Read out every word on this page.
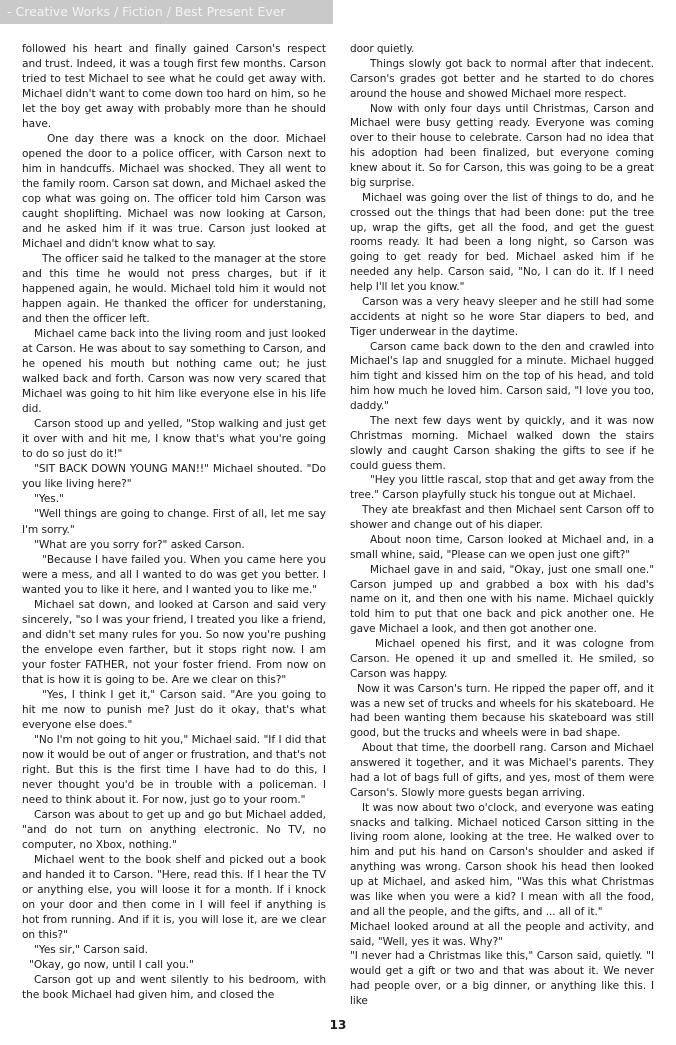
- Creative Works / Fiction / Best Present Ever

followed his heart and finally gained Carson's respect and trust. Indeed, it was a tough first few months. Carson tried to test Michael to see what he could get away with. Michael didn't want to come down too hard on him, so he let the boy get away with probably more than he should have.

One day there was a knock on the door. Michael opened the door to a police officer, with Carson next to him in handcuffs. Michael was shocked. They all went to the family room. Carson sat down, and Michael asked the cop what was going on. The officer told him Carson was caught shoplifting. Michael was now looking at Carson, and he asked him if it was true. Carson just looked at Michael and didn't know what to say.

The officer said he talked to the manager at the store and this time he would not press charges, but if it happened again, he would. Michael told him it would not happen again. He thanked the officer for understaning, and then the officer left.

Michael came back into the living room and just looked at Carson. He was about to say something to Carson, and he opened his mouth but nothing came out; he just walked back and forth. Carson was now very scared that Michael was going to hit him like everyone else in his life did.

Carson stood up and yelled, "Stop walking and just get it over with and hit me, I know that's what you're going to do so just do it!"

"SIT BACK DOWN YOUNG MAN!!" Michael shouted. "Do you like living here?"

"Yes."

"Well things are going to change. First of all, let me say I'm sorry."

"What are you sorry for?" asked Carson.

"Because I have failed you. When you came here you were a mess, and all I wanted to do was get you better. I wanted you to like it here, and I wanted you to like me."

Michael sat down, and looked at Carson and said very sincerely, "so I was your friend, I treated you like a friend, and didn't set many rules for you. So now you're pushing the envelope even farther, but it stops right now. I am your foster FATHER, not your foster friend. From now on that is how it is going to be. Are we clear on this?"

"Yes, I think I get it," Carson said. "Are you going to hit me now to punish me? Just do it okay, that's what everyone else does."

"No I'm not going to hit you," Michael said. "If I did that now it would be out of anger or frustration, and that's not right. But this is the first time I have had to do this, I never thought you'd be in trouble with a policeman. I need to think about it. For now, just go to your room."

Carson was about to get up and go but Michael added, "and do not turn on anything electronic. No TV, no computer, no Xbox, nothing."

Michael went to the book shelf and picked out a book and handed it to Carson. "Here, read this. If I hear the TV or anything else, you will loose it for a month. If i knock on your door and then come in I will feel if anything is hot from running. And if it is, you will lose it, are we clear on this?"

"Yes sir," Carson said.

"Okay, go now, until I call you."

Carson got up and went silently to his bedroom, with the book Michael had given him, and closed the

door quietly.

Things slowly got back to normal after that indecent. Carson's grades got better and he started to do chores around the house and showed Michael more respect.

Now with only four days until Christmas, Carson and Michael were busy getting ready. Everyone was coming over to their house to celebrate. Carson had no idea that his adoption had been finalized, but everyone coming knew about it. So for Carson, this was going to be a great big surprise.

Michael was going over the list of things to do, and he crossed out the things that had been done: put the tree up, wrap the gifts, get all the food, and get the guest rooms ready. It had been a long night, so Carson was going to get ready for bed. Michael asked him if he needed any help. Carson said, "No, I can do it. If I need help I'll let you know."

Carson was a very heavy sleeper and he still had some accidents at night so he wore Star diapers to bed, and Tiger underwear in the daytime.

Carson came back down to the den and crawled into Michael's lap and snuggled for a minute. Michael hugged him tight and kissed him on the top of his head, and told him how much he loved him. Carson said, "I love you too, daddy."

The next few days went by quickly, and it was now Christmas morning. Michael walked down the stairs slowly and caught Carson shaking the gifts to see if he could guess them.

"Hey you little rascal, stop that and get away from the tree." Carson playfully stuck his tongue out at Michael.

They ate breakfast and then Michael sent Carson off to shower and change out of his diaper.

About noon time, Carson looked at Michael and, in a small whine, said, "Please can we open just one gift?"

Michael gave in and said, "Okay, just one small one." Carson jumped up and grabbed a box with his dad's name on it, and then one with his name. Michael quickly told him to put that one back and pick another one. He gave Michael a look, and then got another one.

Michael opened his first, and it was cologne from Carson. He opened it up and smelled it. He smiled, so Carson was happy.

Now it was Carson's turn. He ripped the paper off, and it was a new set of trucks and wheels for his skateboard. He had been wanting them because his skateboard was still good, but the trucks and wheels were in bad shape.

About that time, the doorbell rang. Carson and Michael answered it together, and it was Michael's parents. They had a lot of bags full of gifts, and yes, most of them were Carson's. Slowly more guests began arriving.

It was now about two o'clock, and everyone was eating snacks and talking. Michael noticed Carson sitting in the living room alone, looking at the tree. He walked over to him and put his hand on Carson's shoulder and asked if anything was wrong. Carson shook his head then looked up at Michael, and asked him, "Was this what Christmas was like when you were a kid? I mean with all the food, and all the people, and the gifts, and ... all of it."

Michael looked around at all the people and activity, and said, "Well, yes it was. Why?"

"I never had a Christmas like this," Carson said, quietly. "I would get a gift or two and that was about it. We never had people over, or a big dinner, or anything like this. I like

13
